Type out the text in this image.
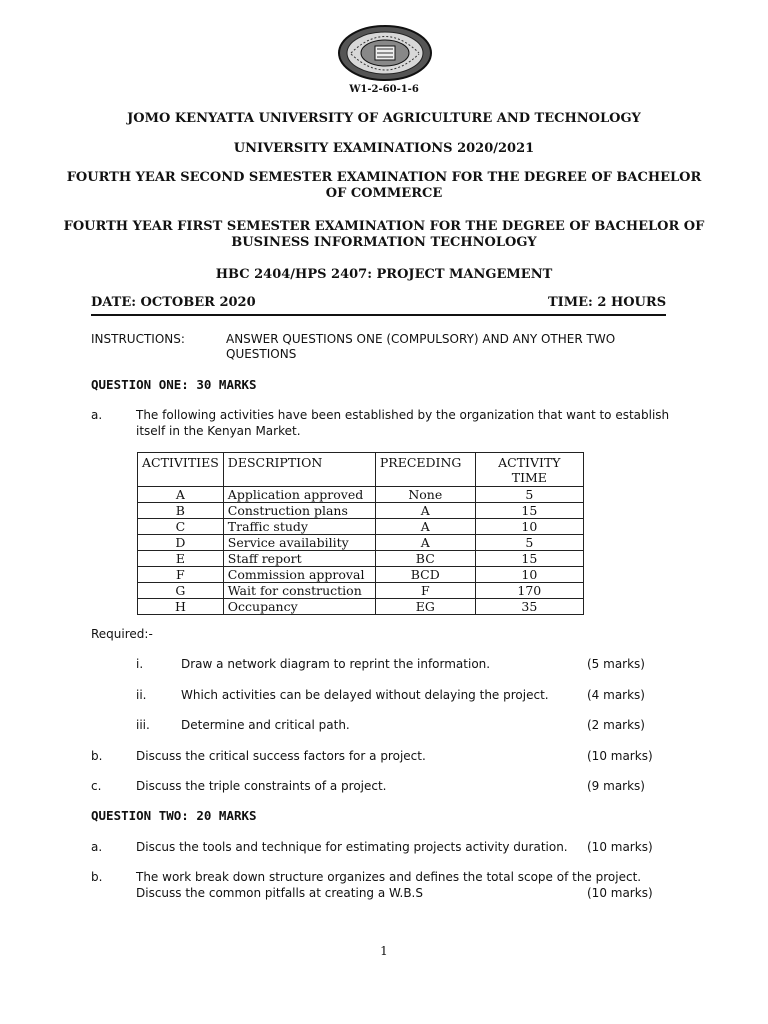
W1-2-60-1-6
JOMO KENYATTA UNIVERSITY OF AGRICULTURE AND TECHNOLOGY
UNIVERSITY EXAMINATIONS 2020/2021
FOURTH YEAR SECOND SEMESTER EXAMINATION FOR THE DEGREE OF BACHELOR
OF COMMERCE
FOURTH YEAR FIRST SEMESTER EXAMINATION FOR THE DEGREE OF BACHELOR OF
BUSINESS INFORMATION TECHNOLOGY
HBC 2404/HPS 2407: PROJECT MANGEMENT
DATE: OCTOBER 2020	TIME: 2 HOURS
INSTRUCTIONS:	ANSWER QUESTIONS ONE (COMPULSORY) AND ANY OTHER TWO
QUESTIONS
QUESTION ONE: 30 MARKS
a.	The following activities have been established by the organization that want to establish
itself in the Kenyan Market.
ACTIVITIES	DESCRIPTION	PRECEDING	ACTIVITY
TIME
A	Application approved	None	5
B	Construction plans	A	15
C	Traffic study	A	10
D	Service availability	A	5
E	Staff report	BC	15
F	Commission approval	BCD	10
G	Wait for construction	F	170
H	Occupancy	EG	35
Required:-
i.	Draw a network diagram to reprint the information.	(5 marks)
ii.	Which activities can be delayed without delaying the project.	(4 marks)
iii.	Determine and critical path.	(2 marks)
b.	Discuss the critical success factors for a project.	(10 marks)
c.	Discuss the triple constraints of a project.	(9 marks)
QUESTION TWO: 20 MARKS
a.	Discus the tools and technique for estimating projects activity duration. (10 marks)
b.	The work break down structure organizes and defines the total scope of the project.
Discuss the common pitfalls at creating a W.B.S	(10 marks)
1
